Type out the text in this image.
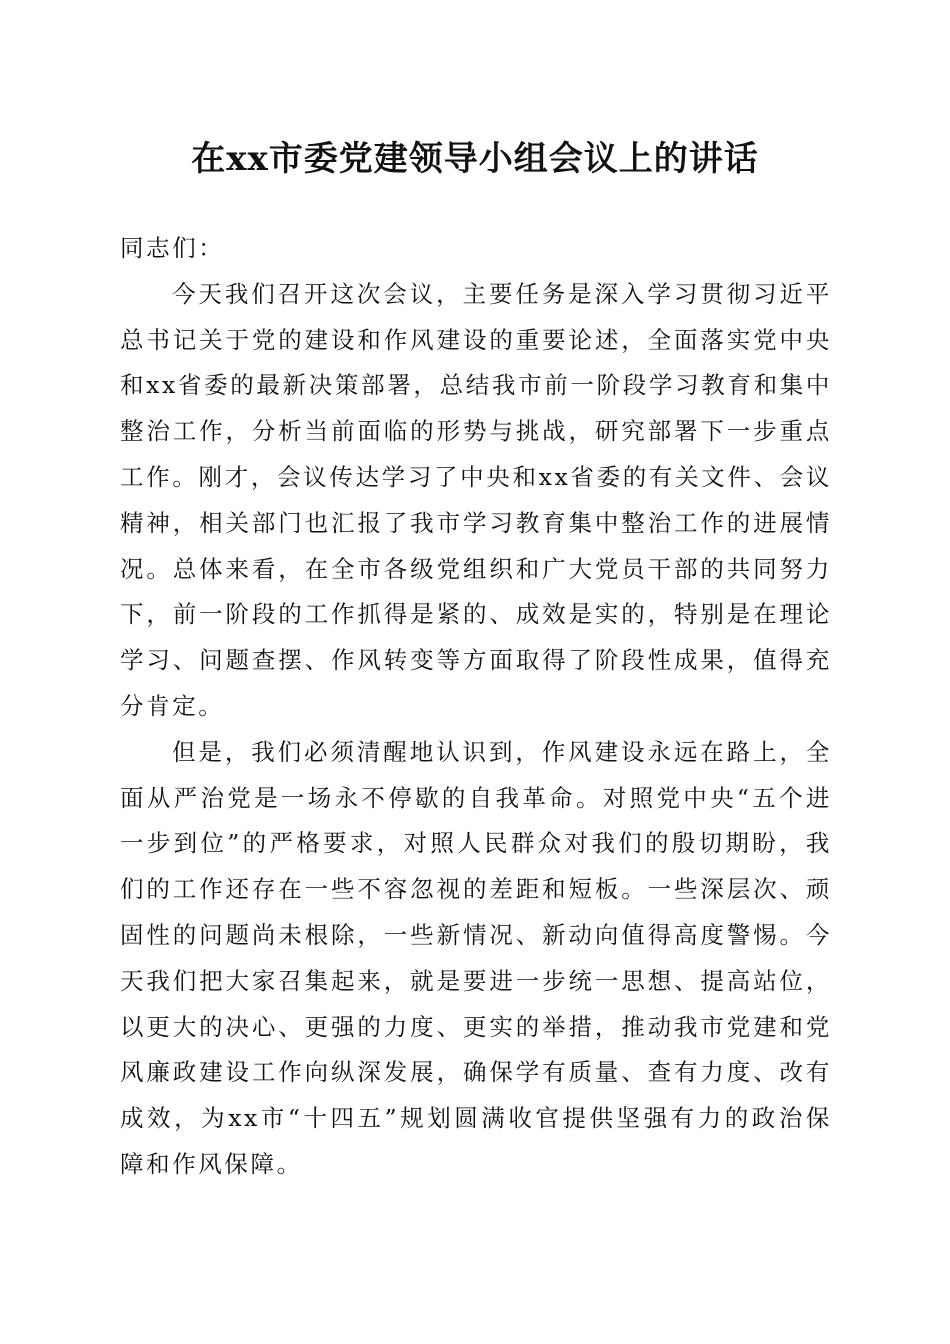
在xx市委党建领导小组会议上的讲话

同志们：

今天我们召开这次会议，主要任务是深入学习贯彻习近平总书记关于党的建设和作风建设的重要论述，全面落实党中央和xx省委的最新决策部署，总结我市前一阶段学习教育和集中整治工作，分析当前面临的形势与挑战，研究部署下一步重点工作。刚才，会议传达学习了中央和xx省委的有关文件、会议精神，相关部门也汇报了我市学习教育集中整治工作的进展情况。总体来看，在全市各级党组织和广大党员干部的共同努力下，前一阶段的工作抓得是紧的、成效是实的，特别是在理论学习、问题查摆、作风转变等方面取得了阶段性成果，值得充分肯定。

但是，我们必须清醒地认识到，作风建设永远在路上，全面从严治党是一场永不停歇的自我革命。对照党中央“五个进一步到位”的严格要求，对照人民群众对我们的殷切期盼，我们的工作还存在一些不容忽视的差距和短板。一些深层次、顽固性的问题尚未根除，一些新情况、新动向值得高度警惕。今天我们把大家召集起来，就是要进一步统一思想、提高站位，以更大的决心、更强的力度、更实的举措，推动我市党建和党风廉政建设工作向纵深发展，确保学有质量、查有力度、改有成效，为xx市“十四五”规划圆满收官提供坚强有力的政治保障和作风保障。
